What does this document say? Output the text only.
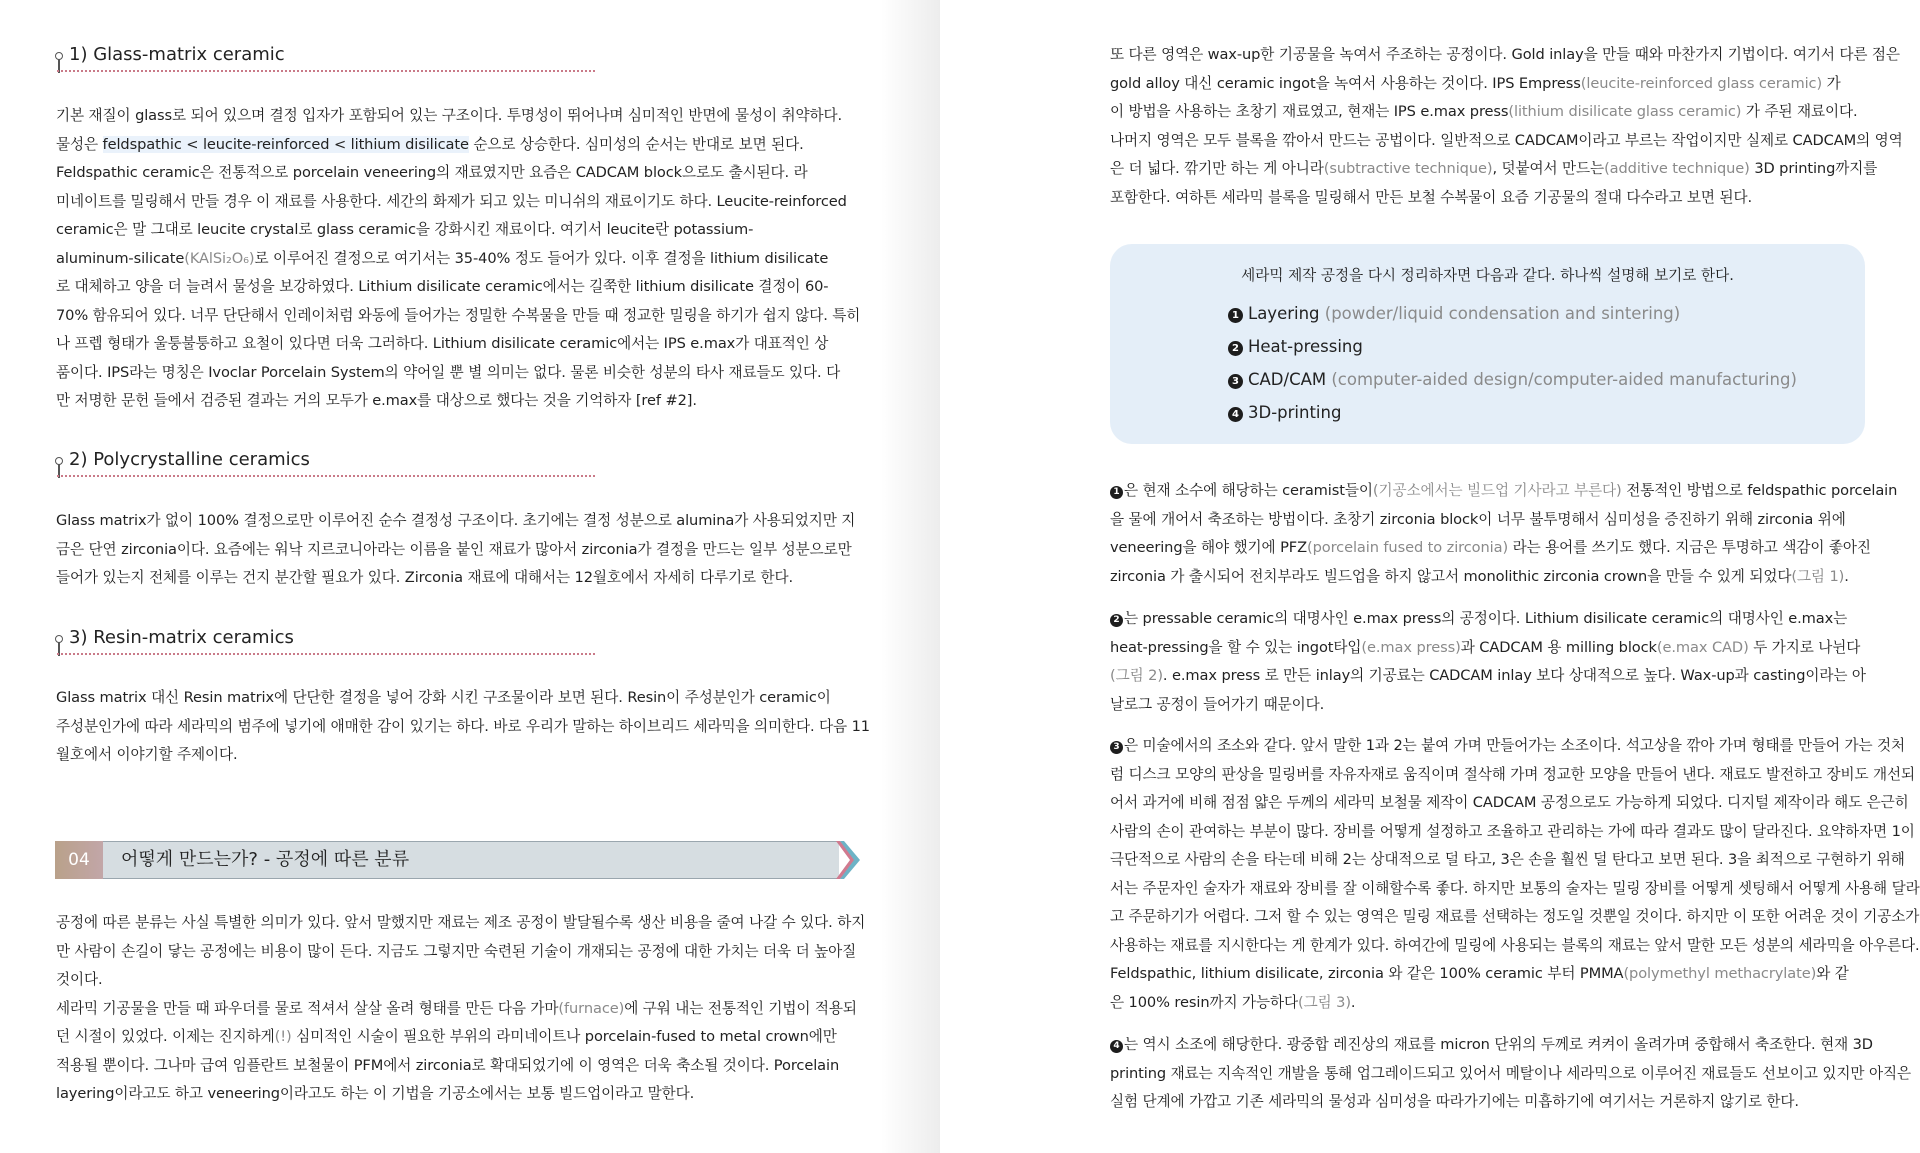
1) Glass-matrix ceramic
기본 재질이 glass로 되어 있으며 결정 입자가 포함되어 있는 구조이다. 투명성이 뛰어나며 심미적인 반면에 물성이 취약하다.
물성은 feldspathic < leucite-reinforced < lithium disilicate 순으로 상승한다. 심미성의 순서는 반대로 보면 된다.
Feldspathic ceramic은 전통적으로 porcelain veneering의 재료였지만 요즘은 CADCAM block으로도 출시된다. 라
미네이트를 밀링해서 만들 경우 이 재료를 사용한다. 세간의 화제가 되고 있는 미니쉬의 재료이기도 하다. Leucite-reinforced
ceramic은 말 그대로 leucite crystal로 glass ceramic을 강화시킨 재료이다. 여기서 leucite란 potassium-
aluminum-silicate(KAlSi₂O₆)로 이루어진 결정으로 여기서는 35-40% 정도 들어가 있다. 이후 결정을 lithium disilicate
로 대체하고 양을 더 늘려서 물성을 보강하였다. Lithium disilicate ceramic에서는 길쭉한 lithium disilicate 결정이 60-
70% 함유되어 있다. 너무 단단해서 인레이처럼 와동에 들어가는 정밀한 수복물을 만들 때 정교한 밀링을 하기가 쉽지 않다. 특히
나 프렙 형태가 울퉁불퉁하고 요철이 있다면 더욱 그러하다. Lithium disilicate ceramic에서는 IPS e.max가 대표적인 상
품이다. IPS라는 명칭은 Ivoclar Porcelain System의 약어일 뿐 별 의미는 없다. 물론 비슷한 성분의 타사 재료들도 있다. 다
만 저명한 문헌 들에서 검증된 결과는 거의 모두가 e.max를 대상으로 했다는 것을 기억하자 [ref #2].
2) Polycrystalline ceramics
Glass matrix가 없이 100% 결정으로만 이루어진 순수 결정성 구조이다. 초기에는 결정 성분으로 alumina가 사용되었지만 지
금은 단연 zirconia이다. 요즘에는 워낙 지르코니아라는 이름을 붙인 재료가 많아서 zirconia가 결정을 만드는 일부 성분으로만
들어가 있는지 전체를 이루는 건지 분간할 필요가 있다. Zirconia 재료에 대해서는 12월호에서 자세히 다루기로 한다.
3) Resin-matrix ceramics
Glass matrix 대신 Resin matrix에 단단한 결정을 넣어 강화 시킨 구조물이라 보면 된다. Resin이 주성분인가 ceramic이
주성분인가에 따라 세라믹의 범주에 넣기에 애매한 감이 있기는 하다. 바로 우리가 말하는 하이브리드 세라믹을 의미한다. 다음 11
월호에서 이야기할 주제이다.
04	어떻게 만드는가? - 공정에 따른 분류
공정에 따른 분류는 사실 특별한 의미가 있다. 앞서 말했지만 재료는 제조 공정이 발달될수록 생산 비용을 줄여 나갈 수 있다. 하지
만 사람이 손길이 닿는 공정에는 비용이 많이 든다. 지금도 그렇지만 숙련된 기술이 개재되는 공정에 대한 가치는 더욱 더 높아질
것이다.
세라믹 기공물을 만들 때 파우더를 물로 적셔서 살살 올려 형태를 만든 다음 가마(furnace)에 구워 내는 전통적인 기법이 적용되
던 시절이 있었다. 이제는 진지하게(!) 심미적인 시술이 필요한 부위의 라미네이트나 porcelain-fused to metal crown에만
적용될 뿐이다. 그나마 급여 임플란트 보철물이 PFM에서 zirconia로 확대되었기에 이 영역은 더욱 축소될 것이다. Porcelain
layering이라고도 하고 veneering이라고도 하는 이 기법을 기공소에서는 보통 빌드업이라고 말한다.
또 다른 영역은 wax-up한 기공물을 녹여서 주조하는 공정이다. Gold inlay을 만들 때와 마찬가지 기법이다. 여기서 다른 점은
gold alloy 대신 ceramic ingot을 녹여서 사용하는 것이다. IPS Empress(leucite-reinforced glass ceramic) 가
이 방법을 사용하는 초창기 재료였고, 현재는 IPS e.max press(lithium disilicate glass ceramic) 가 주된 재료이다.
나머지 영역은 모두 블록을 깎아서 만드는 공법이다. 일반적으로 CADCAM이라고 부르는 작업이지만 실제로 CADCAM의 영역
은 더 넓다. 깎기만 하는 게 아니라(subtractive technique), 덧붙여서 만드는(additive technique) 3D printing까지를
포함한다. 여하튼 세라믹 블록을 밀링해서 만든 보철 수복물이 요즘 기공물의 절대 다수라고 보면 된다.
세라믹 제작 공정을 다시 정리하자면 다음과 같다. 하나씩 설명해 보기로 한다.
1 Layering (powder/liquid condensation and sintering)
2 Heat-pressing
3 CAD/CAM (computer-aided design/computer-aided manufacturing)
4 3D-printing
1 은 현재 소수에 해당하는 ceramist들이(기공소에서는 빌드업 기사라고 부른다) 전통적인 방법으로 feldspathic porcelain
을 물에 개어서 축조하는 방법이다. 초창기 zirconia block이 너무 불투명해서 심미성을 증진하기 위해 zirconia 위에
veneering을 해야 했기에 PFZ(porcelain fused to zirconia) 라는 용어를 쓰기도 했다. 지금은 투명하고 색감이 좋아진
zirconia 가 출시되어 전치부라도 빌드업을 하지 않고서 monolithic zirconia crown을 만들 수 있게 되었다(그림 1).
2 는 pressable ceramic의 대명사인 e.max press의 공정이다. Lithium disilicate ceramic의 대명사인 e.max는
heat-pressing을 할 수 있는 ingot타입(e.max press)과 CADCAM 용 milling block(e.max CAD) 두 가지로 나뉜다
(그림 2). e.max press 로 만든 inlay의 기공료는 CADCAM inlay 보다 상대적으로 높다. Wax-up과 casting이라는 아
날로그 공정이 들어가기 때문이다.
3 은 미술에서의 조소와 같다. 앞서 말한 1과 2는 붙여 가며 만들어가는 소조이다. 석고상을 깎아 가며 형태를 만들어 가는 것처
럼 디스크 모양의 판상을 밀링버를 자유자재로 움직이며 절삭해 가며 정교한 모양을 만들어 낸다. 재료도 발전하고 장비도 개선되
어서 과거에 비해 점점 얇은 두께의 세라믹 보철물 제작이 CADCAM 공정으로도 가능하게 되었다. 디지털 제작이라 해도 은근히
사람의 손이 관여하는 부분이 많다. 장비를 어떻게 설정하고 조율하고 관리하는 가에 따라 결과도 많이 달라진다. 요약하자면 1이
극단적으로 사람의 손을 타는데 비해 2는 상대적으로 덜 타고, 3은 손을 훨씬 덜 탄다고 보면 된다. 3을 최적으로 구현하기 위해
서는 주문자인 술자가 재료와 장비를 잘 이해할수록 좋다. 하지만 보통의 술자는 밀링 장비를 어떻게 셋팅해서 어떻게 사용해 달라
고 주문하기가 어렵다. 그저 할 수 있는 영역은 밀링 재료를 선택하는 정도일 것뿐일 것이다. 하지만 이 또한 어려운 것이 기공소가
사용하는 재료를 지시한다는 게 한계가 있다. 하여간에 밀링에 사용되는 블록의 재료는 앞서 말한 모든 성분의 세라믹을 아우른다.
Feldspathic, lithium disilicate, zirconia 와 같은 100% ceramic 부터 PMMA(polymethyl methacrylate)와 같
은 100% resin까지 가능하다(그림 3).
4 는 역시 소조에 해당한다. 광중합 레진상의 재료를 micron 단위의 두께로 켜켜이 올려가며 중합해서 축조한다. 현재 3D
printing 재료는 지속적인 개발을 통해 업그레이드되고 있어서 메탈이나 세라믹으로 이루어진 재료들도 선보이고 있지만 아직은
실험 단계에 가깝고 기존 세라믹의 물성과 심미성을 따라가기에는 미흡하기에 여기서는 거론하지 않기로 한다.
